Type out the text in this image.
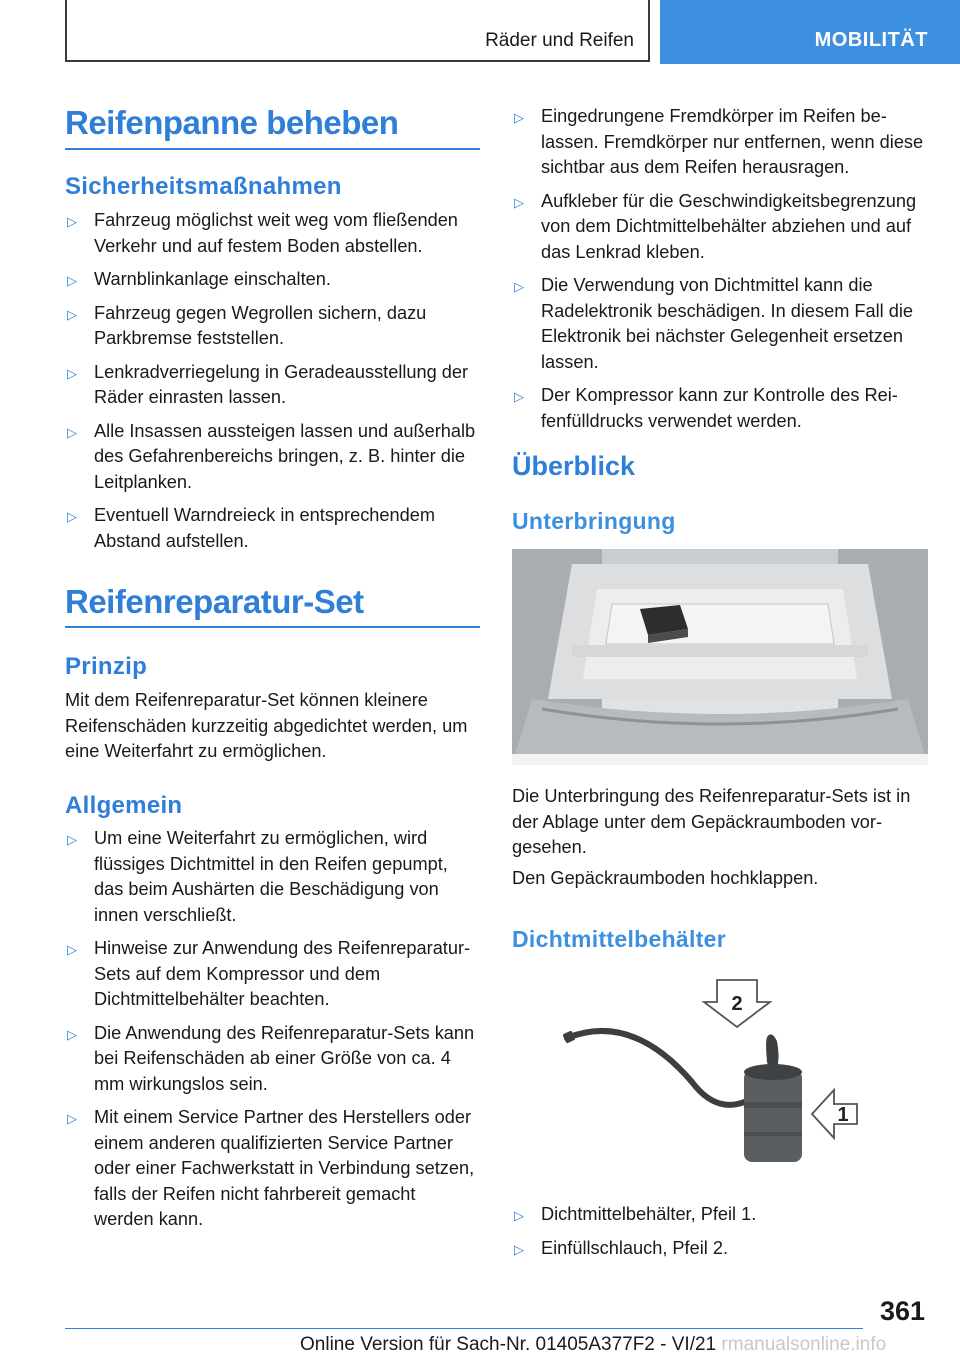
Räder und Reifen	MOBILITÄT
Reifenpanne beheben
Sicherheitsmaßnahmen
▷ Fahrzeug möglichst weit weg vom fließenden Verkehr und auf festem Boden abstellen.
▷ Warnblinkanlage einschalten.
▷ Fahrzeug gegen Wegrollen sichern, dazu Parkbremse feststellen.
▷ Lenkradverriegelung in Geradeausstellung der Räder einrasten lassen.
▷ Alle Insassen aussteigen lassen und außerhalb des Gefahrenbereichs bringen, z. B. hinter die Leitplanken.
▷ Eventuell Warndreieck in entsprechendem Abstand aufstellen.
Reifenreparatur-Set
Prinzip

Mit dem Reifenreparatur-Set können kleinere Reifenschäden kurzzeitig abgedichtet werden, um eine Weiterfahrt zu ermöglichen.

Allgemein
▷ Um eine Weiterfahrt zu ermöglichen, wird flüssiges Dichtmittel in den Reifen gepumpt, das beim Aushärten die Beschädigung von innen verschließt.
▷ Hinweise zur Anwendung des Reifenreparatur-Sets auf dem Kompressor und dem Dichtmittelbehälter beachten.
▷ Die Anwendung des Reifenreparatur-Sets kann bei Reifenschäden ab einer Größe von ca. 4 mm wirkungslos sein.
▷ Mit einem Service Partner des Herstellers oder einem anderen qualifizierten Service Partner oder einer Fachwerkstatt in Verbindung setzen, falls der Reifen nicht fahrbereit gemacht werden kann.
▷ Eingedrungene Fremdkörper im Reifen belassen. Fremdkörper nur entfernen, wenn diese sichtbar aus dem Reifen herausragen.
▷ Aufkleber für die Geschwindigkeitsbegrenzung von dem Dichtmittelbehälter abziehen und auf das Lenkrad kleben.
▷ Die Verwendung von Dichtmittel kann die Radelektronik beschädigen. In diesem Fall die Elektronik bei nächster Gelegenheit ersetzen lassen.
▷ Der Kompressor kann zur Kontrolle des Reifenfülldrucks verwendet werden.
Überblick
Unterbringung

Die Unterbringung des Reifenreparatur-Sets ist in der Ablage unter dem Gepäckraumboden vorgesehen.

Den Gepäckraumboden hochklappen.

Dichtmittelbehälter
2
1
▷ Dichtmittelbehälter, Pfeil 1.
▷ Einfüllschlauch, Pfeil 2.
361
Online Version für Sach-Nr. 01405A377F2 - VI/21 rmanualsonline.info
